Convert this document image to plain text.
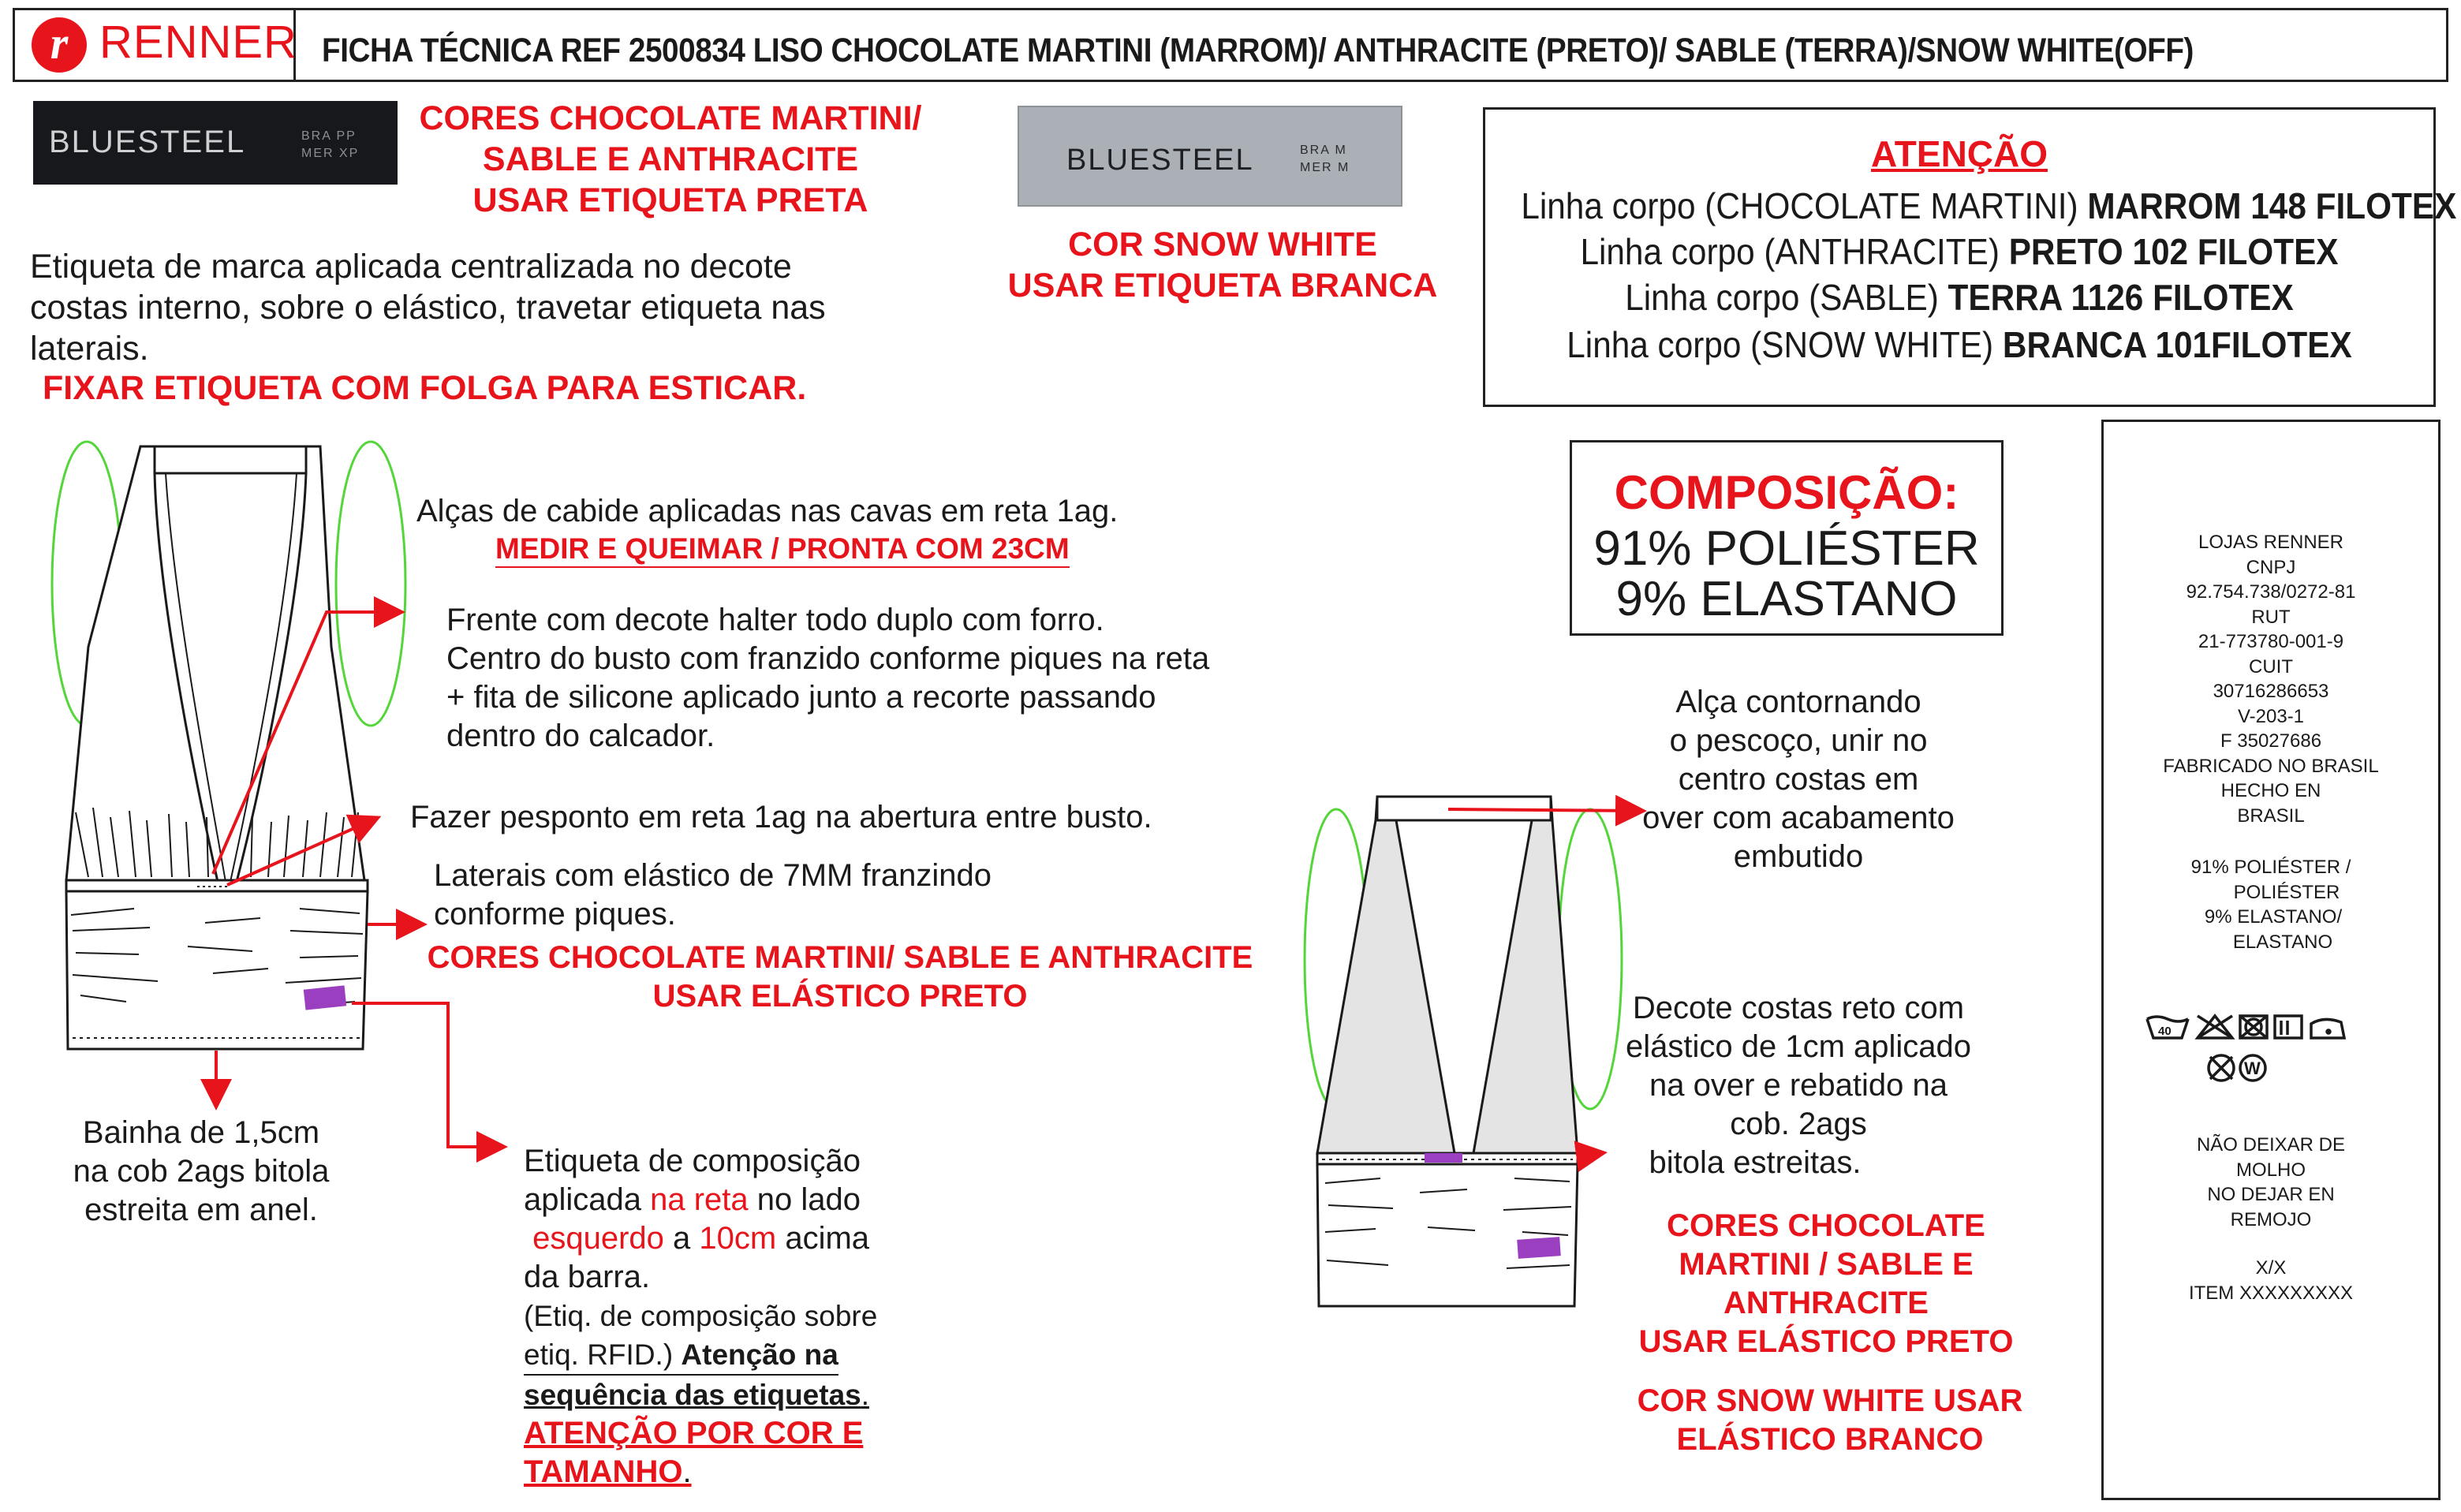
r RENNER FICHA TÉCNICA REF 2500834 LISO CHOCOLATE MARTINI (MARROM)/ ANTHRACITE (PRETO)/ SABLE (TERRA)/SNOW WHITE(OFF)
BLUESTEEL	BRA PP
MER XP
CORES CHOCOLATE MARTINI/
SABLE E ANTHRACITE
USAR ETIQUETA PRETA
BLUESTEEL	BRA M
MER M
COR SNOW WHITE
USAR ETIQUETA BRANCA
Etiqueta de marca aplicada centralizada no decote
costas interno, sobre o elástico, travetar etiqueta nas
laterais.
FIXAR ETIQUETA COM FOLGA PARA ESTICAR.
ATENÇÃO
Linha corpo (CHOCOLATE MARTINI) MARROM 148 FILOTEX
Linha corpo (ANTHRACITE) PRETO 102 FILOTEX
Linha corpo (SABLE) TERRA 1126 FILOTEX
Linha corpo (SNOW WHITE) BRANCA 101FILOTEX
COMPOSIÇÃO:
91% POLIÉSTER
9% ELASTANO
Alças de cabide aplicadas nas cavas em reta 1ag.
MEDIR E QUEIMAR / PRONTA COM 23CM
Frente com decote halter todo duplo com forro.
Centro do busto com franzido conforme piques na reta
+ fita de silicone aplicado junto a recorte passando
dentro do calcador.
Fazer pesponto em reta 1ag na abertura entre busto.
Laterais com elástico de 7MM franzindo
conforme piques.
CORES CHOCOLATE MARTINI/ SABLE E ANTHRACITE
USAR ELÁSTICO PRETO
Bainha de 1,5cm
na cob 2ags bitola
estreita em anel.
Etiqueta de composição
aplicada na reta no lado
esquerdo a 10cm acima
da barra.
(Etiq. de composição sobre
etiq. RFID.) Atenção na
sequência das etiquetas.
ATENÇÃO POR COR E
TAMANHO.
Alça contornando
o pescoço, unir no
centro costas em
over com acabamento
embutido
Decote costas reto com
elástico de 1cm aplicado
na over e rebatido na
cob. 2ags
bitola estreitas.
CORES CHOCOLATE
MARTINI / SABLE E
ANTHRACITE
USAR ELÁSTICO PRETO
COR SNOW WHITE USAR
ELÁSTICO BRANCO
LOJAS RENNER
CNPJ
92.754.738/0272-81
RUT
21-773780-001-9
CUIT
30716286653
V-203-1
F 35027686
FABRICADO NO BRASIL
HECHO EN
BRASIL
91% POLIÉSTER /
POLIÉSTER
9% ELASTANO/
ELASTANO
40
W
NÃO DEIXAR DE
MOLHO
NO DEJAR EN
REMOJO
X/X
ITEM XXXXXXXXX
